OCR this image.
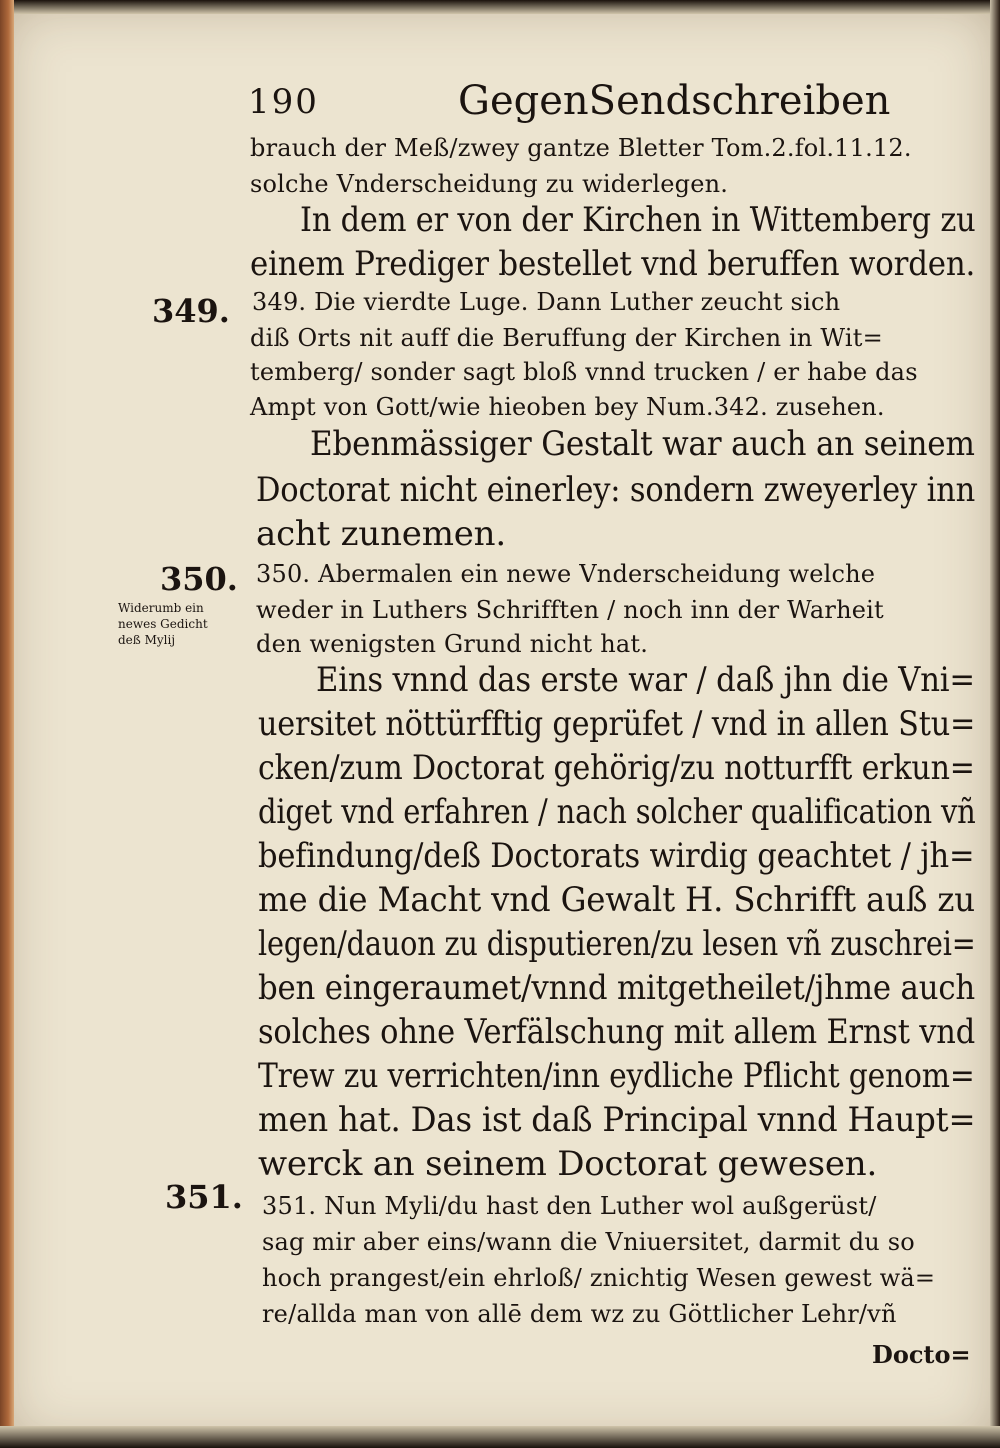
190	GegenSendschreiben
349.
350.
Widerumb ein
newes Gedicht
deß Mylij
351.
brauch der Meß/zwey gantze Bletter Tom.2.fol.11.12.
solche Vnderscheidung zu widerlegen.
In dem er von der Kirchen in Wittemberg zu
einem Prediger bestellet vnd beruffen worden.
349. Die vierdte Luge. Dann Luther zeucht sich
diß Orts nit auff die Beruffung der Kirchen in Wit=
temberg/ sonder sagt bloß vnnd trucken / er habe das
Ampt von Gott/wie hieoben bey Num.342. zusehen.
Ebenmässiger Gestalt war auch an seinem
Doctorat nicht einerley: sondern zweyerley inn
acht zunemen.
350. Abermalen ein newe Vnderscheidung welche
weder in Luthers Schrifften / noch inn der Warheit
den wenigsten Grund nicht hat.
Eins vnnd das erste war / daß jhn die Vni=
uersitet nöttürfftig geprüfet / vnd in allen Stu=
cken/zum Doctorat gehörig/zu notturfft erkun=
diget vnd erfahren / nach solcher qualification vñ
befindung/deß Doctorats wirdig geachtet / jh=
me die Macht vnd Gewalt H. Schrifft auß zu
legen/dauon zu disputieren/zu lesen vñ zuschrei=
ben eingeraumet/vnnd mitgetheilet/jhme auch
solches ohne Verfälschung mit allem Ernst vnd
Trew zu verrichten/inn eydliche Pflicht genom=
men hat. Das ist daß Principal vnnd Haupt=
werck an seinem Doctorat gewesen.
351. Nun Myli/du hast den Luther wol außgerüst/
sag mir aber eins/wann die Vniuersitet, darmit du so
hoch prangest/ein ehrloß/ znichtig Wesen gewest wä=
re/allda man von allē dem wz zu Göttlicher Lehr/vñ
Docto=
